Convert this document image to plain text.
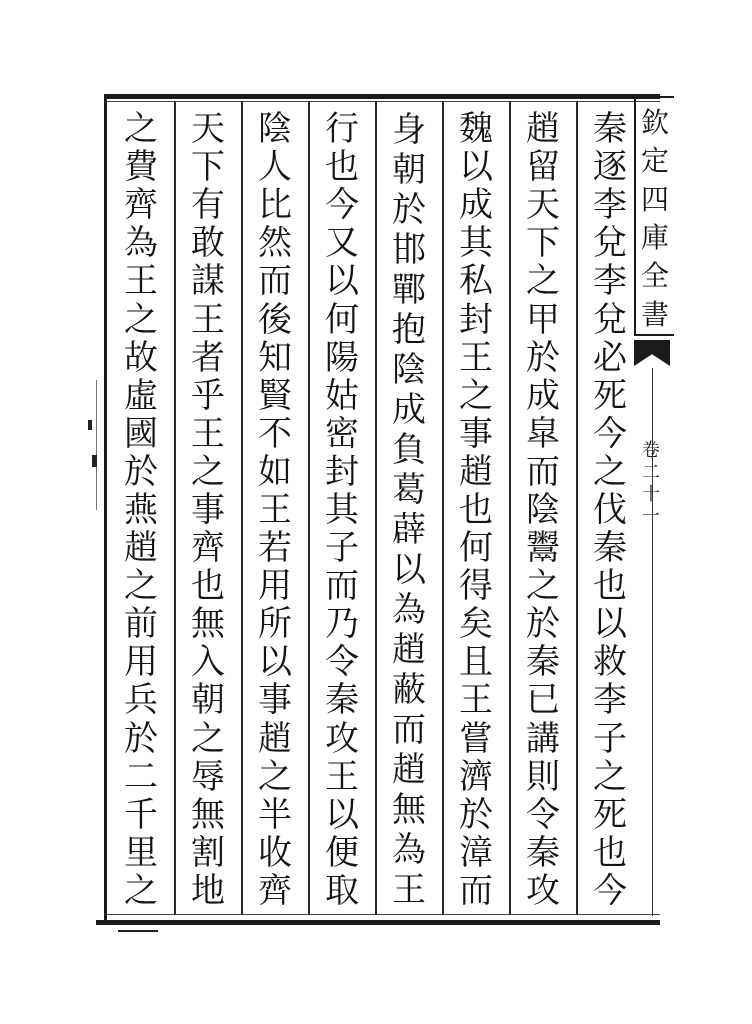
秦
逐
李
兌
李
兌
必
死
今
之
伐
秦
也
以
救
李
子
之
死
也
今
趙
留
天
下
之
甲
於
成
皐
而
陰
鬻
之
於
秦
已
講
則
令
秦
攻
魏
以
成
其
私
封
王
之
事
趙
也
何
得
矣
且
王
嘗
濟
於
漳
而
身
朝
於
邯
鄲
抱
陰
成
負
葛
薜
以
為
趙
蔽
而
趙
無
為
王
行
也
今
又
以
何
陽
姑
密
封
其
子
而
乃
令
秦
攻
王
以
便
取
陰
人
比
然
而
後
知
賢
不
如
王
若
用
所
以
事
趙
之
半
收
齊
天
下
有
敢
謀
王
者
乎
王
之
事
齊
也
無
入
朝
之
辱
無
割
地
之
費
齊
為
王
之
故
虛
國
於
燕
趙
之
前
用
兵
於
二
千
里
之
欽
定
四
庫
全
書
卷
二
十
一
